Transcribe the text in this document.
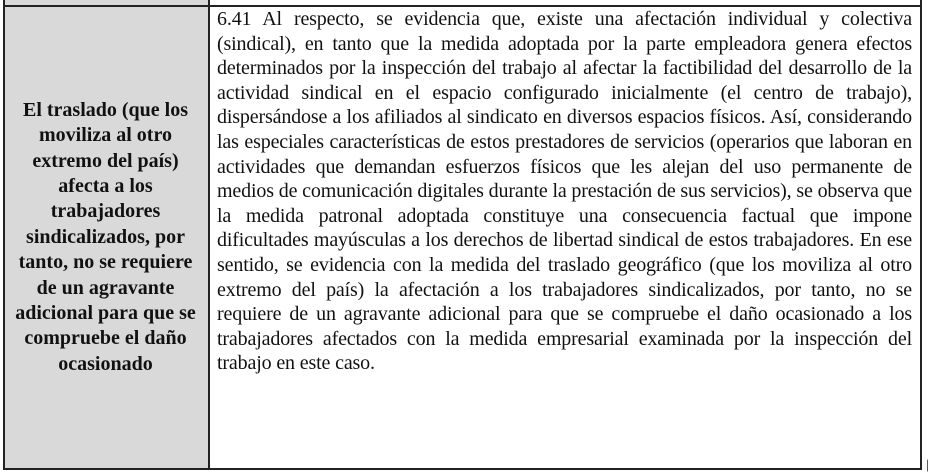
El traslado (que los moviliza al otro extremo del país) afecta a los trabajadores sindicalizados, por tanto, no se requiere de un agravante adicional para que se compruebe el daño ocasionado

6.41 Al respecto, se evidencia que, existe una afectación individual y colectiva (sindical), en tanto que la medida adoptada por la parte empleadora genera efectos determinados por la inspección del trabajo al afectar la factibilidad del desarrollo de la actividad sindical en el espacio configurado inicialmente (el centro de trabajo), dispersándose a los afiliados al sindicato en diversos espacios físicos. Así, considerando las especiales características de estos prestadores de servicios (operarios que laboran en actividades que demandan esfuerzos físicos que les alejan del uso permanente de medios de comunicación digitales durante la prestación de sus servicios), se observa que la medida patronal adoptada constituye una consecuencia factual que impone dificultades mayúsculas a los derechos de libertad sindical de estos trabajadores. En ese sentido, se evidencia con la medida del traslado geográfico (que los moviliza al otro extremo del país) la afectación a los trabajadores sindicalizados, por tanto, no se requiere de un agravante adicional para que se compruebe el daño ocasionado a los trabajadores afectados con la medida empresarial examinada por la inspección del trabajo en este caso.

▕
